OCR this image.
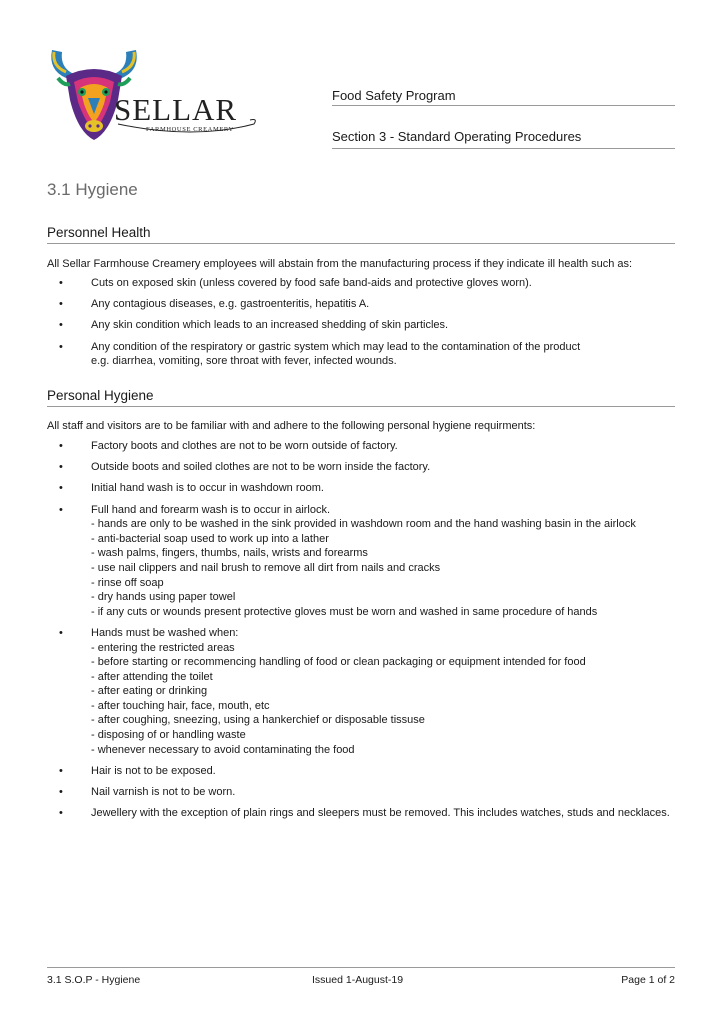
SELLAR
FARMHOUSE CREAMERY
Food Safety Program
Section 3 - Standard Operating Procedures
3.1 Hygiene
Personnel Health
All Sellar Farmhouse Creamery employees will abstain from the manufacturing process if they indicate ill health such as:
•	Cuts on exposed skin (unless covered by food safe band-aids and protective gloves worn).
•	Any contagious diseases, e.g. gastroenteritis, hepatitis A.
•	Any skin condition which leads to an increased shedding of skin particles.
•	Any condition of the respiratory or gastric system which may lead to the contamination of the product
e.g. diarrhea, vomiting, sore throat with fever, infected wounds.
Personal Hygiene
All staff and visitors are to be familiar with and adhere to the following personal hygiene requirments:
•	Factory boots and clothes are not to be worn outside of factory.
•	Outside boots and soiled clothes are not to be worn inside the factory.
•	Initial hand wash is to occur in washdown room.
•	Full hand and forearm wash is to occur in airlock.
- hands are only to be washed in the sink provided in washdown room and the hand washing basin in the airlock
- anti-bacterial soap used to work up into a lather
- wash palms, fingers, thumbs, nails, wrists and forearms
- use nail clippers and nail brush to remove all dirt from nails and cracks
- rinse off soap
- dry hands using paper towel
- if any cuts or wounds present protective gloves must be worn and washed in same procedure of hands
•	Hands must be washed when:
- entering the restricted areas
- before starting or recommencing handling of food or clean packaging or equipment intended for food
- after attending the toilet
- after eating or drinking
- after touching hair, face, mouth, etc
- after coughing, sneezing, using a hankerchief or disposable tissuse
- disposing of or handling waste
- whenever necessary to avoid contaminating the food
•	Hair is not to be exposed.
•	Nail varnish is not to be worn.
•	Jewellery with the exception of plain rings and sleepers must be removed. This includes watches, studs and necklaces.
3.1 S.O.P - Hygiene	Issued 1-August-19	Page 1 of 2
